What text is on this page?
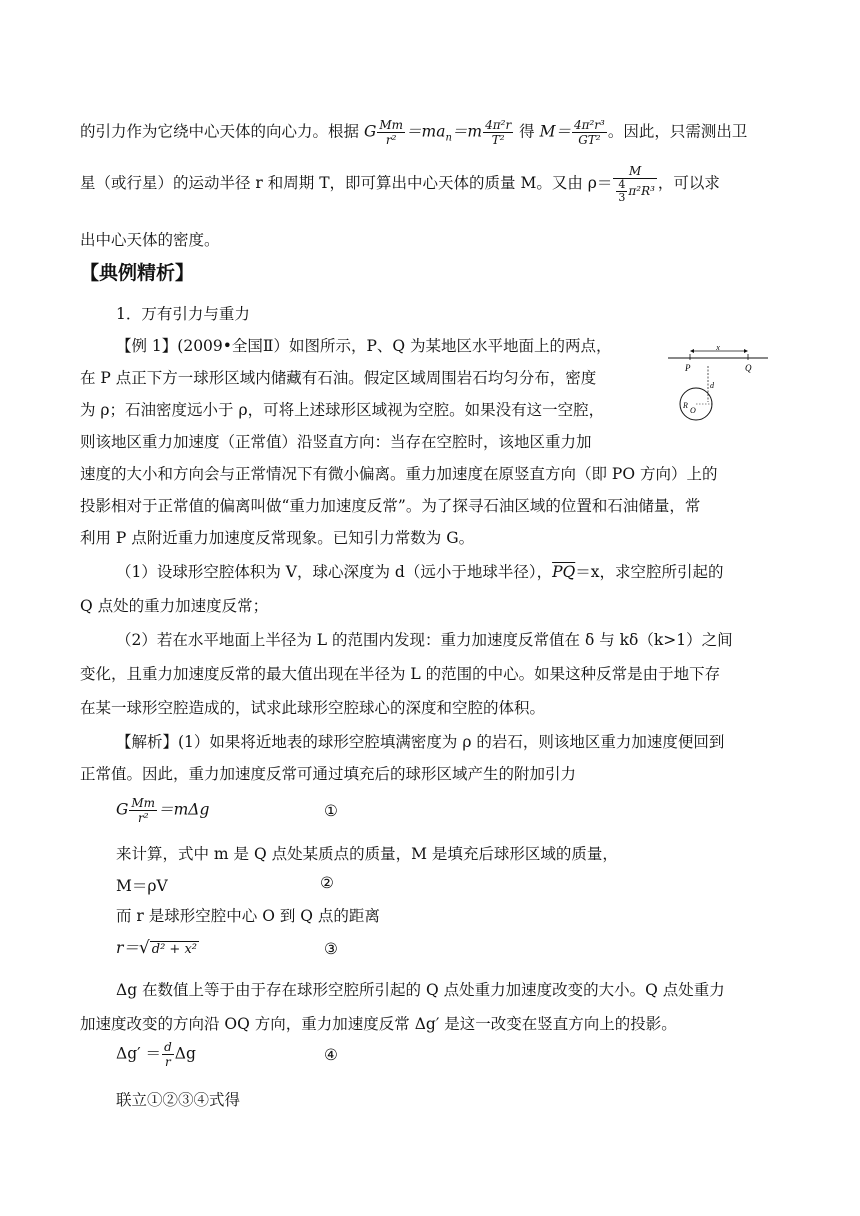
的引力作为它绕中心天体的向心力。根据 G $\frac{Mm}{\text{r²}} =ma_n=m \frac{\text{4π²r}}{\text{T²}}$ 得 $M= \frac{\text{4π²r³}}{\text{GT²}}$ 。因此，只需测出卫
星（或行星）的运动半径 r 和周期 T，即可算出中心天体的质量 M。又由 $\rho= \frac{M}{\frac{4}{3} \pi^2R^3}$ ，可以求
出中心天体的密度。
【典例精析】
1．万有引力与重力
【例 1】(2009•全国Ⅱ）如图所示，P、Q 为某地区水平地面上的两点，
在 P 点正下方一球形区域内储藏有石油。假定区域周围岩石均匀分布，密度
为 ρ；石油密度远小于 ρ，可将上述球形区域视为空腔。如果没有这一空腔，
则该地区重力加速度（正常值）沿竖直方向：当存在空腔时，该地区重力加
速度的大小和方向会与正常情况下有微小偏离。重力加速度在原竖直方向（即 PO 方向）上的
投影相对于正常值的偏离叫做“重力加速度反常”。为了探寻石油区域的位置和石油储量，常
利用 P 点附近重力加速度反常现象。已知引力常数为 G。
（1）设球形空腔体积为 V，球心深度为 d（远小于地球半径），$\overline{PQ}=x$，求空腔所引起的
Q 点处的重力加速度反常；
（2）若在水平地面上半径为 L 的范围内发现：重力加速度反常值在 δ 与 kδ（k>1）之间
变化，且重力加速度反常的最大值出现在半径为 L 的范围的中心。如果这种反常是由于地下存
在某一球形空腔造成的，试求此球形空腔球心的深度和空腔的体积。
x
P	Q
d
R
O
【解析】(1）如果将近地表的球形空腔填满密度为 ρ 的岩石，则该地区重力加速度便回到
正常值。因此，重力加速度反常可通过填充后的球形区域产生的附加引力
G $\frac{Mm}{\text{r²}} =m\Delta g$	①
来计算，式中 m 是 Q 点处某质点的质量，M 是填充后球形区域的质量，
M＝ρV	②
而 r 是球形空腔中心 O 到 Q 点的距离
r＝√ d² + x²	③
Δg 在数值上等于由于存在球形空腔所引起的 Q 点处重力加速度改变的大小。Q 点处重力
加速度改变的方向沿 OQ 方向，重力加速度反常 Δg′ 是这一改变在竖直方向上的投影。
$\Delta g' = \frac{d}{r}$ Δg	④
联立①②③④式得
